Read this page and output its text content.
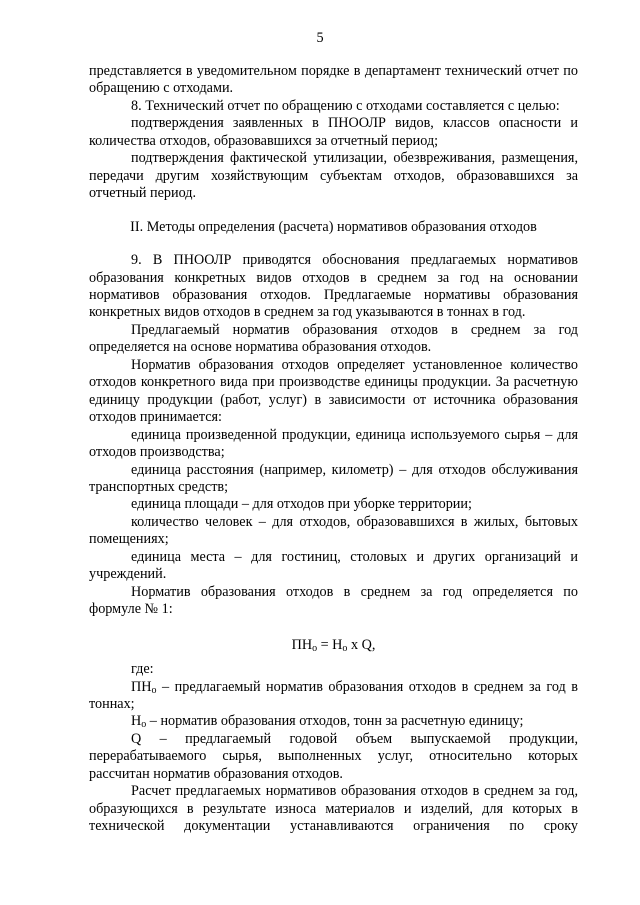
5

представляется в уведомительном порядке в департамент технический отчет по обращению с отходами.

8. Технический отчет по обращению с отходами составляется с целью:

подтверждения заявленных в ПНООЛР видов, классов опасности и количества отходов, образовавшихся за отчетный период;

подтверждения фактической утилизации, обезвреживания, размещения, передачи другим хозяйствующим субъектам отходов, образовавшихся за отчетный период.

II. Методы определения (расчета) нормативов образования отходов

9. В ПНООЛР приводятся обоснования предлагаемых нормативов образования конкретных видов отходов в среднем за год на основании нормативов образования отходов. Предлагаемые нормативы образования конкретных видов отходов в среднем за год указываются в тоннах в год.

Предлагаемый норматив образования отходов в среднем за год определяется на основе норматива образования отходов.

Норматив образования отходов определяет установленное количество отходов конкретного вида при производстве единицы продукции. За расчетную единицу продукции (работ, услуг) в зависимости от источника образования отходов принимается:

единица произведенной продукции, единица используемого сырья – для отходов производства;

единица расстояния (например, километр) – для отходов обслуживания транспортных средств;

единица площади – для отходов при уборке территории;

количество человек – для отходов, образовавшихся в жилых, бытовых помещениях;

единица места – для гостиниц, столовых и других организаций и учреждений.

Норматив образования отходов в среднем за год определяется по формуле № 1:

$ПН_о = Н_о$ x Q,

где:

$ПН_о$ – предлагаемый норматив образования отходов в среднем за год в тоннах;

$Н_о$ – норматив образования отходов, тонн за расчетную единицу;

Q – предлагаемый годовой объем выпускаемой продукции, перерабатываемого сырья, выполненных услуг, относительно которых рассчитан норматив образования отходов.

Расчет предлагаемых нормативов образования отходов в среднем за год, образующихся в результате износа материалов и изделий, для которых в технической документации устанавливаются ограничения по сроку
